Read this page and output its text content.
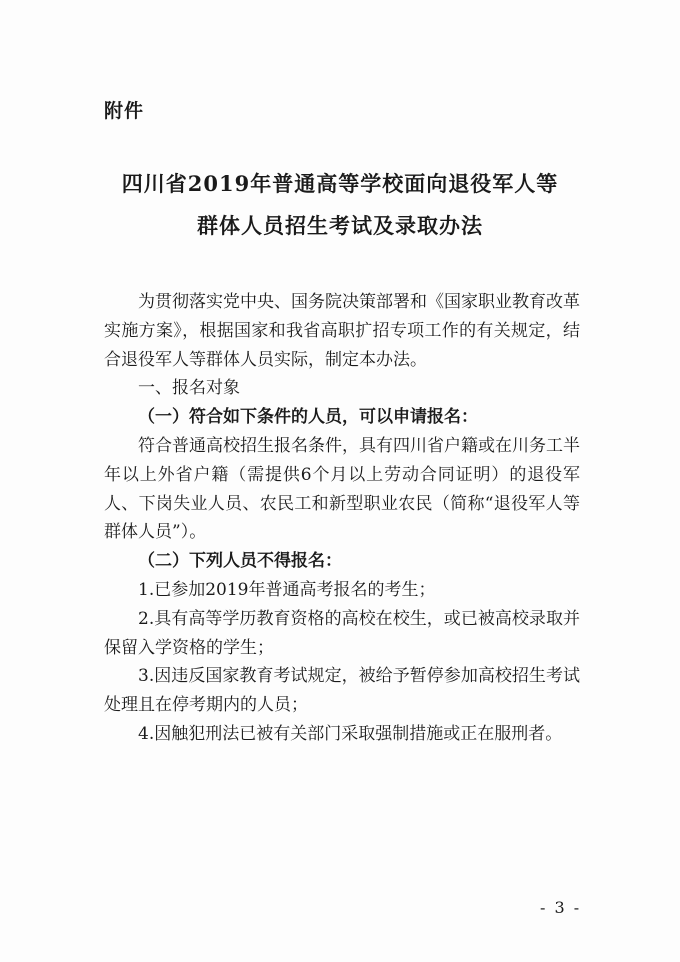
附件
四川省2019年普通高等学校面向退役军人等
群体人员招生考试及录取办法

为贯彻落实党中央、国务院决策部署和《国家职业教育改革实施方案》，根据国家和我省高职扩招专项工作的有关规定，结合退役军人等群体人员实际，制定本办法。

一、报名对象

（一）符合如下条件的人员，可以申请报名：

符合普通高校招生报名条件，具有四川省户籍或在川务工半年以上外省户籍（需提供6个月以上劳动合同证明）的退役军人、下岗失业人员、农民工和新型职业农民（简称“退役军人等群体人员”）。

（二）下列人员不得报名：

1.已参加2019年普通高考报名的考生；

2.具有高等学历教育资格的高校在校生，或已被高校录取并保留入学资格的学生；

3.因违反国家教育考试规定，被给予暂停参加高校招生考试处理且在停考期内的人员；

4.因触犯刑法已被有关部门采取强制措施或正在服刑者。

- 3 -
